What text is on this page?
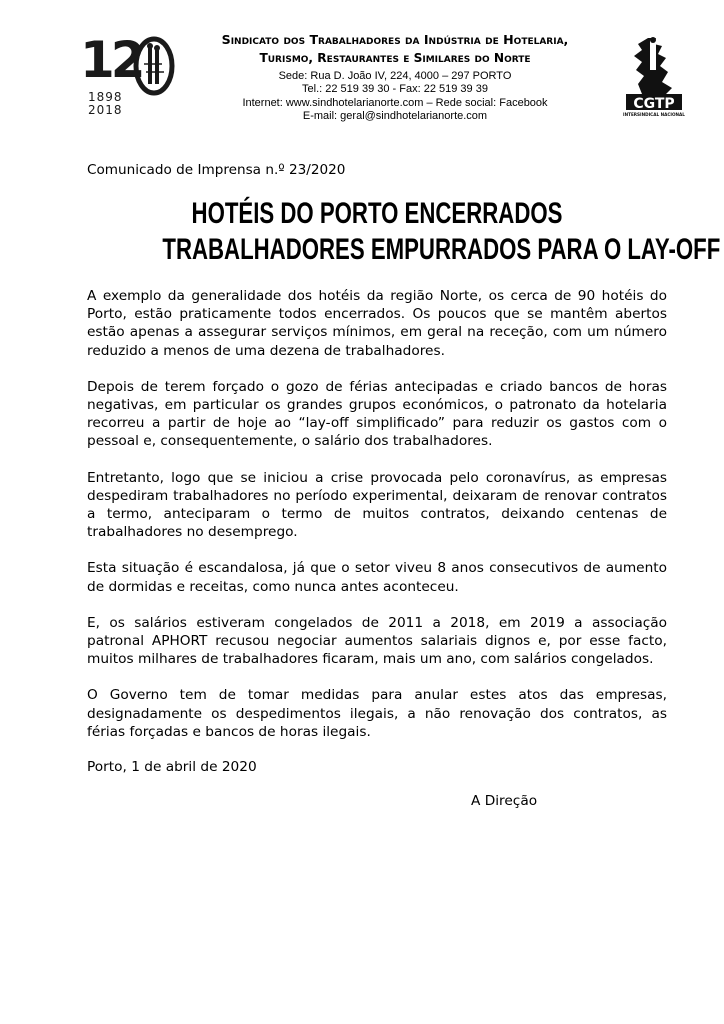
12
1898
2018
Sindicato dos Trabalhadores da Indústria de Hotelaria,
Turismo, Restaurantes e Similares do Norte
Sede: Rua D. João IV, 224, 4000 – 297 PORTO
Tel.: 22 519 39 30 - Fax: 22 519 39 39
Internet: www.sindhotelarianorte.com – Rede social: Facebook
E-mail: geral@sindhotelarianorte.com
CGTP
INTERSINDICAL NACIONAL
Comunicado de Imprensa n.º 23/2020
HOTÉIS DO PORTO ENCERRADOS
TRABALHADORES EMPURRADOS PARA O LAY-OFF

A exemplo da generalidade dos hotéis da região Norte, os cerca de 90 hotéis do Porto, estão praticamente todos encerrados. Os poucos que se mantêm abertos estão apenas a assegurar serviços mínimos, em geral na receção, com um número reduzido a menos de uma dezena de trabalhadores.

Depois de terem forçado o gozo de férias antecipadas e criado bancos de horas negativas, em particular os grandes grupos económicos, o patronato da hotelaria recorreu a partir de hoje ao “lay-off simplificado” para reduzir os gastos com o pessoal e, consequentemente, o salário dos trabalhadores.

Entretanto, logo que se iniciou a crise provocada pelo coronavírus, as empresas despediram trabalhadores no período experimental, deixaram de renovar contratos a termo, anteciparam o termo de muitos contratos, deixando centenas de trabalhadores no desemprego.

Esta situação é escandalosa, já que o setor viveu 8 anos consecutivos de aumento de dormidas e receitas, como nunca antes aconteceu.

E, os salários estiveram congelados de 2011 a 2018, em 2019 a associação patronal APHORT recusou negociar aumentos salariais dignos e, por esse facto, muitos milhares de trabalhadores ficaram, mais um ano, com salários congelados.

O Governo tem de tomar medidas para anular estes atos das empresas, designadamente os despedimentos ilegais, a não renovação dos contratos, as férias forçadas e bancos de horas ilegais.

Porto, 1 de abril de 2020
A Direção
